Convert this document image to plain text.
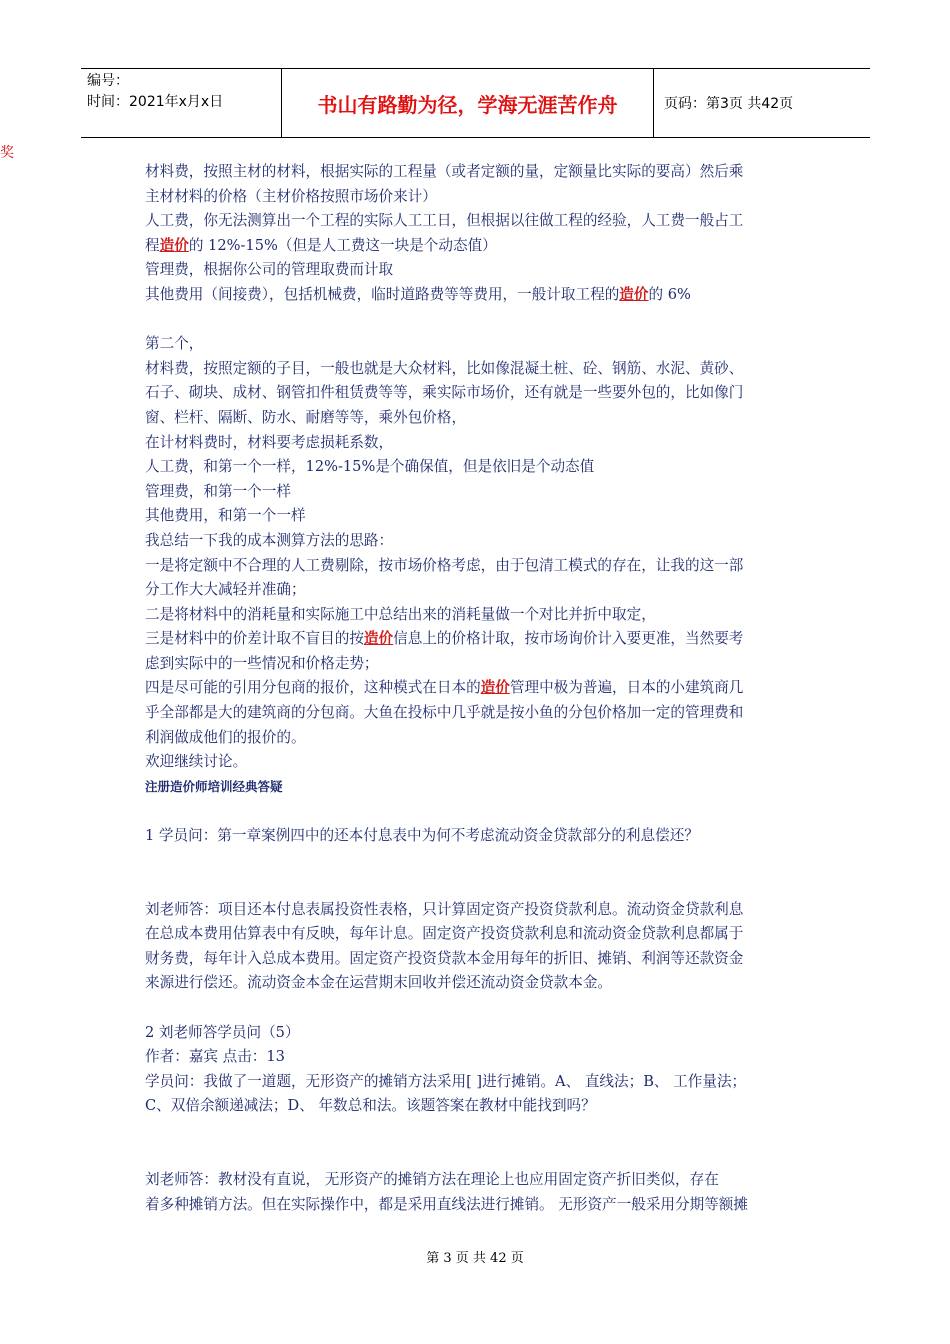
编号：
时间：2021年x月x日	书山有路勤为径，学海无涯苦作舟	页码：第3页 共42页
奖
材料费，按照主材的材料，根据实际的工程量（或者定额的量，定额量比实际的要高）然后乘
主材材料的价格（主材价格按照市场价来计）
人工费，你无法测算出一个工程的实际人工工日，但根据以往做工程的经验，人工费一般占工
程造价的 12%-15%（但是人工费这一块是个动态值）
管理费，根据你公司的管理取费而计取
其他费用（间接费），包括机械费，临时道路费等等费用，一般计取工程的造价的 6%
第二个，
材料费，按照定额的子目，一般也就是大众材料，比如像混凝土桩、砼、钢筋、水泥、黄砂、
石子、砌块、成材、钢管扣件租赁费等等，乘实际市场价，还有就是一些要外包的，比如像门
窗、栏杆、隔断、防水、耐磨等等，乘外包价格，
在计材料费时，材料要考虑损耗系数，
人工费，和第一个一样，12%-15%是个确保值，但是依旧是个动态值
管理费，和第一个一样
其他费用，和第一个一样
我总结一下我的成本测算方法的思路：
一是将定额中不合理的人工费剔除，按市场价格考虑，由于包清工模式的存在，让我的这一部
分工作大大减轻并准确；
二是将材料中的消耗量和实际施工中总结出来的消耗量做一个对比并折中取定，
三是材料中的价差计取不盲目的按造价信息上的价格计取，按市场询价计入要更准，当然要考
虑到实际中的一些情况和价格走势；
四是尽可能的引用分包商的报价，这种模式在日本的造价管理中极为普遍，日本的小建筑商几
乎全部都是大的建筑商的分包商。大鱼在投标中几乎就是按小鱼的分包价格加一定的管理费和
利润做成他们的报价的。
欢迎继续讨论。
注册造价师培训经典答疑
1 学员问：第一章案例四中的还本付息表中为何不考虑流动资金贷款部分的利息偿还？
刘老师答：项目还本付息表属投资性表格，只计算固定资产投资贷款利息。流动资金贷款利息
在总成本费用估算表中有反映，每年计息。固定资产投资贷款利息和流动资金贷款利息都属于
财务费，每年计入总成本费用。固定资产投资贷款本金用每年的折旧、摊销、利润等还款资金
来源进行偿还。流动资金本金在运营期末回收并偿还流动资金贷款本金。
2 刘老师答学员问（5）
作者：嘉宾 点击：13
学员问：我做了一道题，无形资产的摊销方法采用[ ]进行摊销。A、 直线法；B、 工作量法；
C、双倍余额递减法；D、 年数总和法。该题答案在教材中能找到吗？
刘老师答：教材没有直说， 无形资产的摊销方法在理论上也应用固定资产折旧类似，存在
着多种摊销方法。但在实际操作中，都是采用直线法进行摊销。 无形资产一般采用分期等额摊
第 3 页 共 42 页
